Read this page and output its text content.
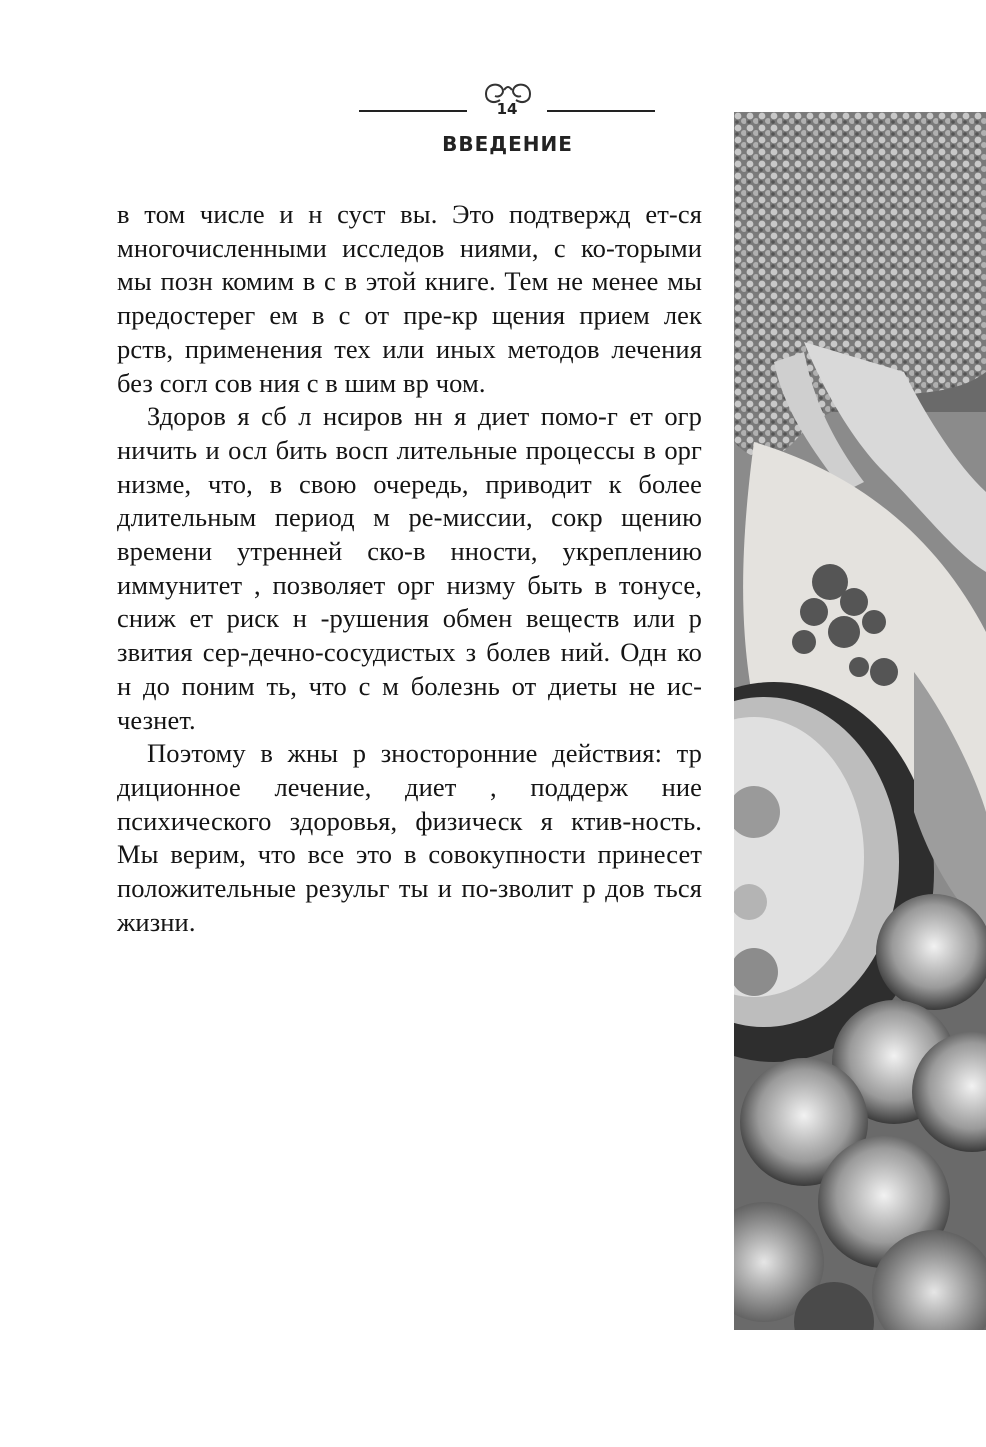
14
ВВЕДЕНИЕ

в том числе и н суст вы. Это подтвержд ет-ся многочисленными исследов ниями, с ко-торыми мы позн комим в с в этой книге. Тем не менее мы предостерег ем в с от пре-кр щения прием лек рств, применения тех или иных методов лечения без согл сов ния с в шим вр чом.

Здоров я сб л нсиров нн я диет помо-г ет огр ничить и осл бить восп лительные процессы в орг низме, что, в свою очередь, приводит к более длительным период м ре-миссии, сокр щению времени утренней ско-в нности, укреплению иммунитет , позволяет орг низму быть в тонусе, сниж ет риск н -рушения обмен веществ или р звития сер-дечно-сосудистых з болев ний. Одн ко н до поним ть, что с м болезнь от диеты не ис-чезнет.

Поэтому в жны р зносторонние действия: тр диционное лечение, диет , поддерж ние психического здоровья, физическ я ктив-ность. Мы верим, что все это в совокупности принесет положительные резульг ты и по-зволит р дов ться жизни.
